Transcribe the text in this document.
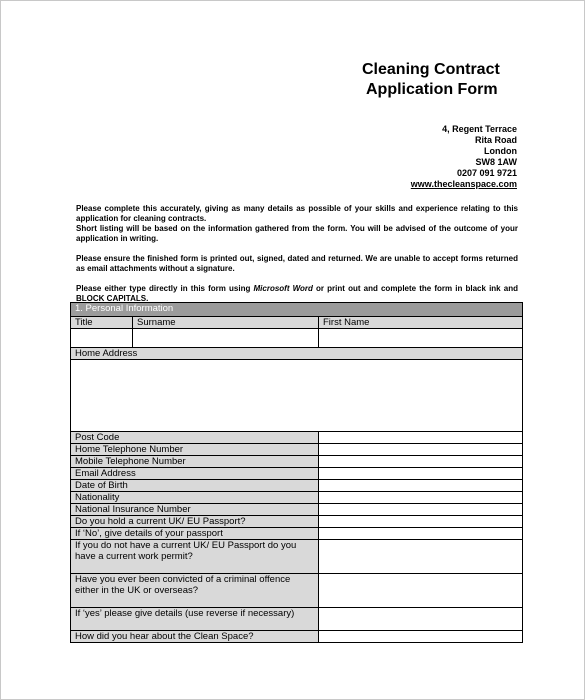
Cleaning Contract
Application Form
4, Regent Terrace
Rita Road
London
SW8 1AW
0207 091 9721
www.thecleanspace.com

Please complete this accurately, giving as many details as possible of your skills and experience relating to this application for cleaning contracts.
Short listing will be based on the information gathered from the form. You will be advised of the outcome of your application in writing.

Please ensure the finished form is printed out, signed, dated and returned. We are unable to accept forms returned as email attachments without a signature.

Please either type directly in this form using Microsoft Word or print out and complete the form in black ink and BLOCK CAPITALS.

1. Personal Information		
Title	Surname	First Name

Home Address		

Post Code		
Home Telephone Number		
Mobile Telephone Number		
Email Address		
Date of Birth		
Nationality		
National Insurance Number		
Do you hold a current UK/ EU Passport?		
If ‘No’, give details of your passport		
If you do not have a current UK/ EU Passport do you have a current work permit?		
Have you ever been convicted of a criminal offence either in the UK or overseas?		
If ‘yes’ please give details (use reverse if necessary)		
How did you hear about the Clean Space?		
